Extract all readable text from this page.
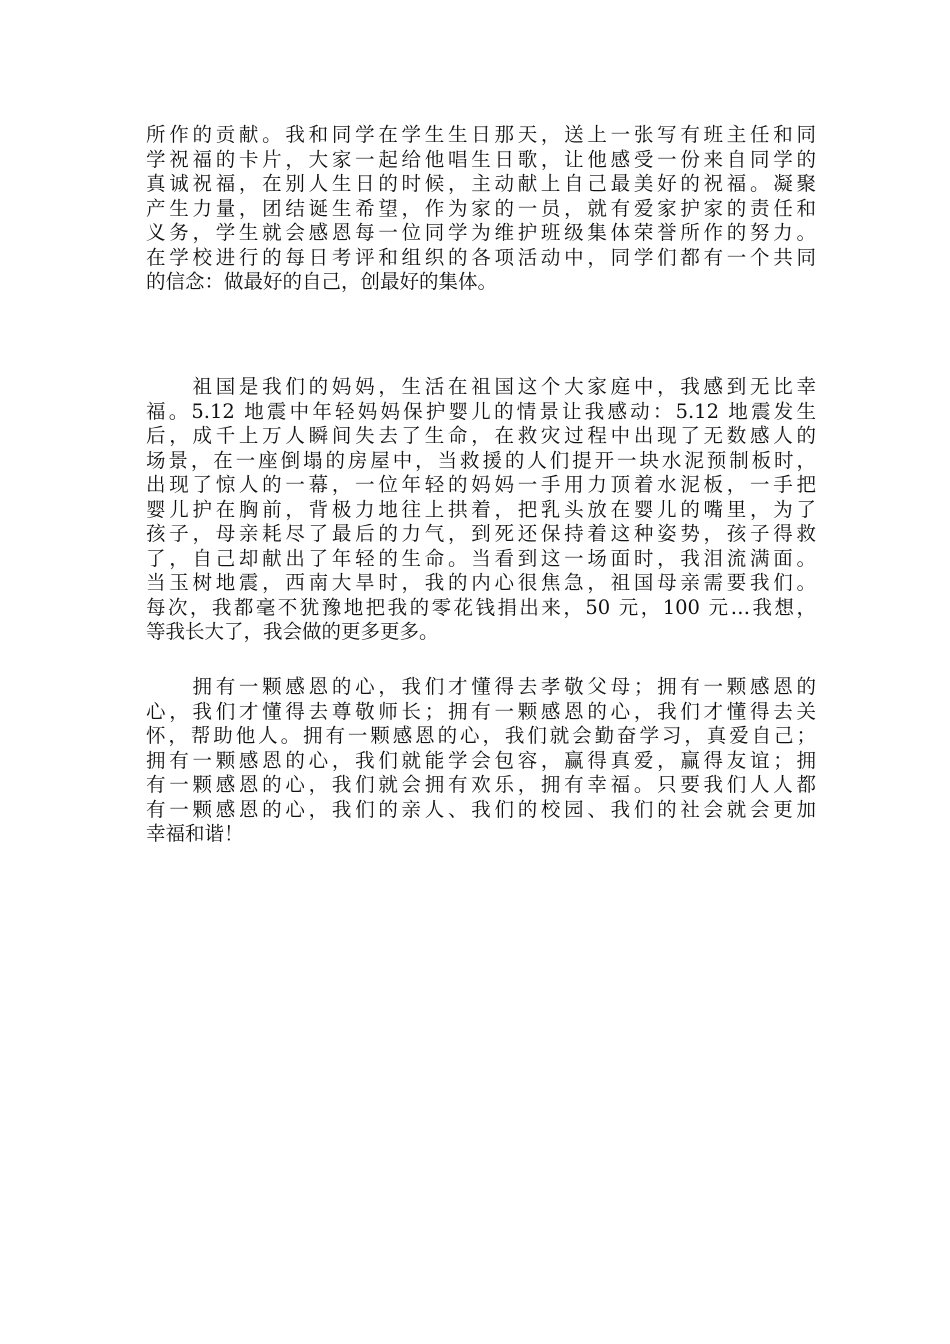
所作的贡献。我和同学在学生生日那天，送上一张写有班主任和同
学祝福的卡片，大家一起给他唱生日歌，让他感受一份来自同学的
真诚祝福，在别人生日的时候，主动献上自己最美好的祝福。凝聚
产生力量，团结诞生希望，作为家的一员，就有爱家护家的责任和
义务，学生就会感恩每一位同学为维护班级集体荣誉所作的努力。
在学校进行的每日考评和组织的各项活动中，同学们都有一个共同
的信念：做最好的自己，创最好的集体。
　　祖国是我们的妈妈，生活在祖国这个大家庭中，我感到无比幸
福。5.12 地震中年轻妈妈保护婴儿的情景让我感动：5.12 地震发生
后，成千上万人瞬间失去了生命，在救灾过程中出现了无数感人的
场景，在一座倒塌的房屋中，当救援的人们提开一块水泥预制板时，
出现了惊人的一幕，一位年轻的妈妈一手用力顶着水泥板，一手把
婴儿护在胸前，背极力地往上拱着，把乳头放在婴儿的嘴里，为了
孩子，母亲耗尽了最后的力气，到死还保持着这种姿势，孩子得救
了，自己却献出了年轻的生命。当看到这一场面时，我泪流满面。
当玉树地震，西南大旱时，我的内心很焦急，祖国母亲需要我们。
每次，我都毫不犹豫地把我的零花钱捐出来，50 元，100 元…我想，
等我长大了，我会做的更多更多。
　　拥有一颗感恩的心，我们才懂得去孝敬父母；拥有一颗感恩的
心，我们才懂得去尊敬师长；拥有一颗感恩的心，我们才懂得去关
怀，帮助他人。拥有一颗感恩的心，我们就会勤奋学习，真爱自己；
拥有一颗感恩的心，我们就能学会包容，赢得真爱，赢得友谊；拥
有一颗感恩的心，我们就会拥有欢乐，拥有幸福。只要我们人人都
有一颗感恩的心，我们的亲人、我们的校园、我们的社会就会更加
幸福和谐！
